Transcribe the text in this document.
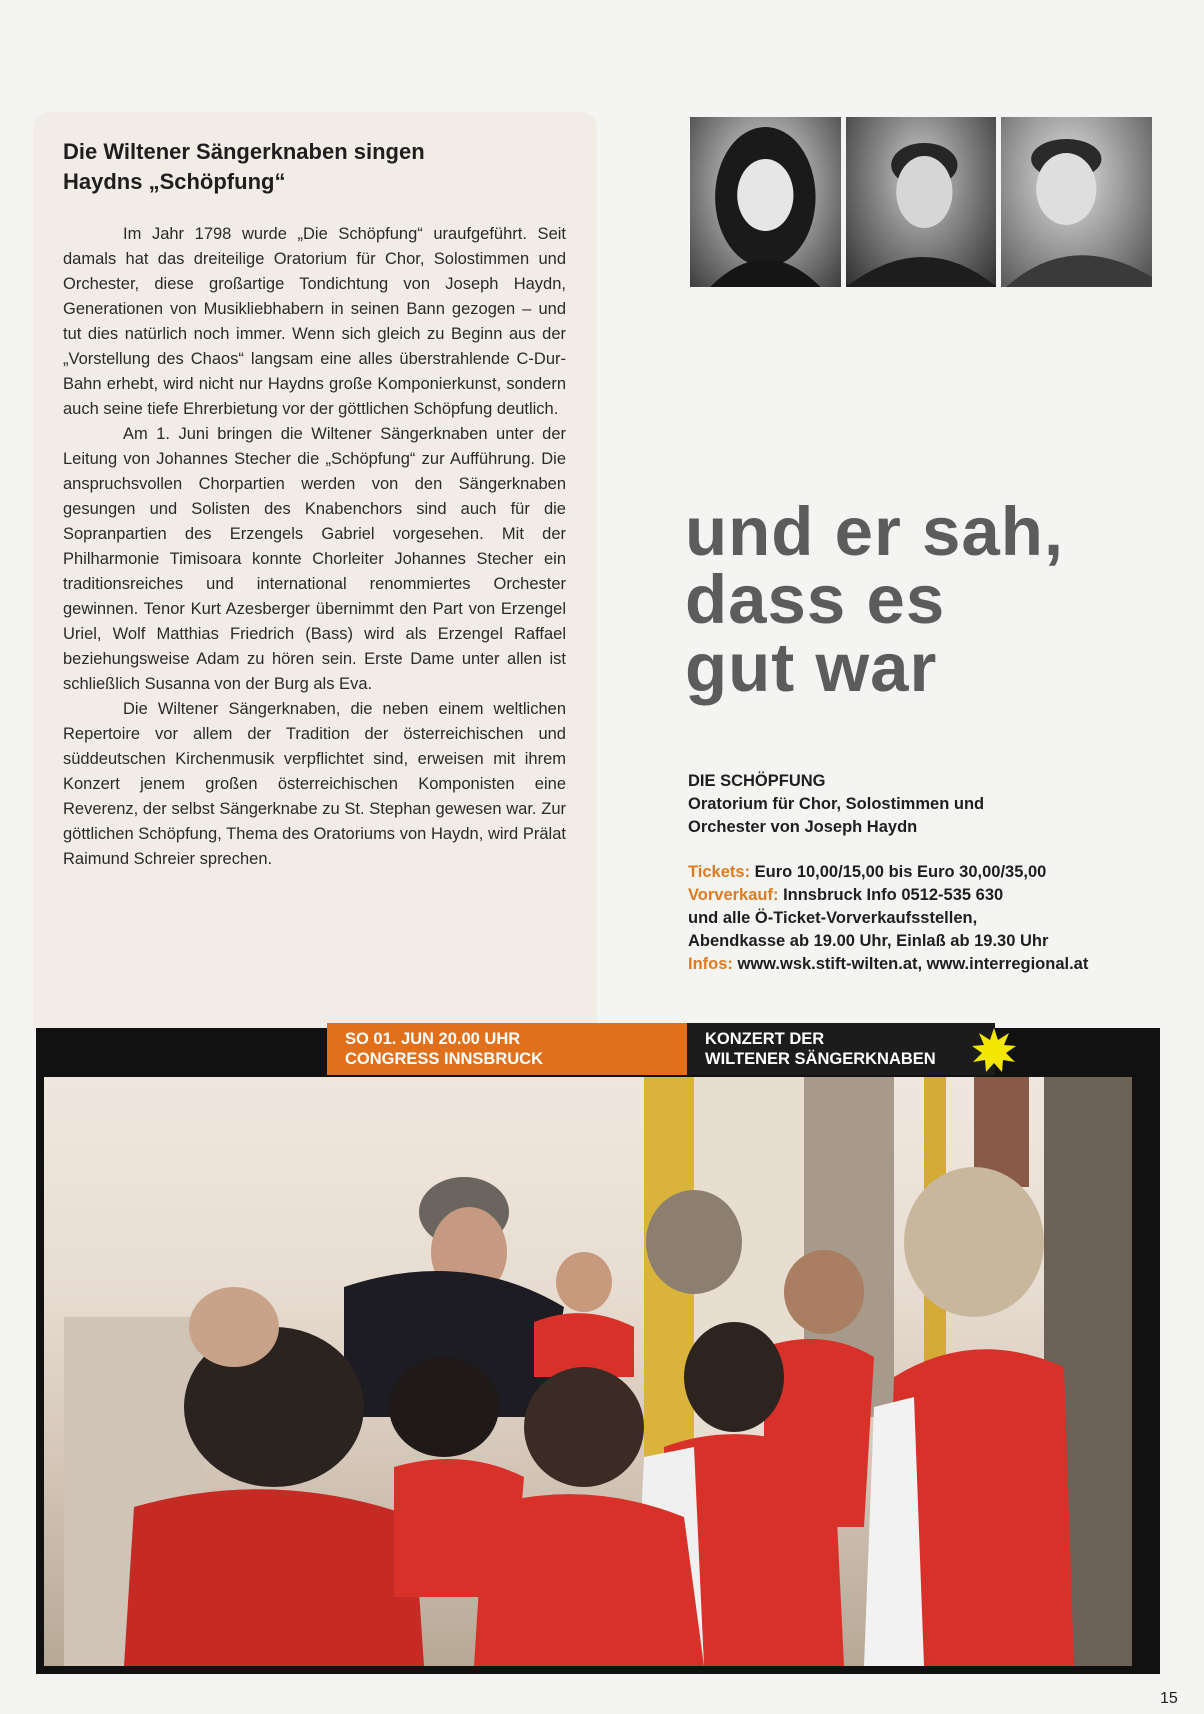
Die Wiltener Sängerknaben singen
Haydns „Schöpfung“

Im Jahr 1798 wurde „Die Schöpfung“ uraufgeführt. Seit damals hat das dreiteilige Oratorium für Chor, Solostimmen und Orchester, diese großartige Tondichtung von Joseph Haydn, Generationen von Musikliebhabern in seinen Bann gezogen – und tut dies natürlich noch immer. Wenn sich gleich zu Beginn aus der „Vorstellung des Chaos“ langsam eine alles überstrahlende C-Dur-Bahn erhebt, wird nicht nur Haydns große Komponierkunst, sondern auch seine tiefe Ehrerbietung vor der göttlichen Schöpfung deutlich.

Am 1. Juni bringen die Wiltener Sängerknaben unter der Leitung von Johannes Stecher die „Schöpfung“ zur Aufführung. Die anspruchsvollen Chorpartien werden von den Sängerknaben gesungen und Solisten des Knabenchors sind auch für die Sopranpartien des Erzengels Gabriel vorgesehen. Mit der Philharmonie Timisoara konnte Chorleiter Johannes Stecher ein traditionsreiches und international renommiertes Orchester gewinnen. Tenor Kurt Azesberger übernimmt den Part von Erzengel Uriel, Wolf Matthias Friedrich (Bass) wird als Erzengel Raffael beziehungsweise Adam zu hören sein. Erste Dame unter allen ist schließlich Susanna von der Burg als Eva.

Die Wiltener Sängerknaben, die neben einem weltlichen Repertoire vor allem der Tradition der österreichischen und süddeutschen Kirchenmusik verpflichtet sind, erweisen mit ihrem Konzert jenem großen österreichischen Komponisten eine Reverenz, der selbst Sängerknabe zu St. Stephan gewesen war. Zur göttlichen Schöpfung, Thema des Oratoriums von Haydn, wird Prälat Raimund Schreier sprechen.

und er sah,
dass es
gut war
DIE SCHÖPFUNG
Oratorium für Chor, Solostimmen und
Orchester von Joseph Haydn
Tickets: Euro 10,00/15,00 bis Euro 30,00/35,00
Vorverkauf: Innsbruck Info 0512-535 630
und alle Ö-Ticket-Vorverkaufsstellen,
Abendkasse ab 19.00 Uhr, Einlaß ab 19.30 Uhr
Infos: www.wsk.stift-wilten.at, www.interregional.at
SO 01. JUN 20.00 UHR
CONGRESS INNSBRUCK
KONZERT DER
WILTENER SÄNGERKNABEN
15
